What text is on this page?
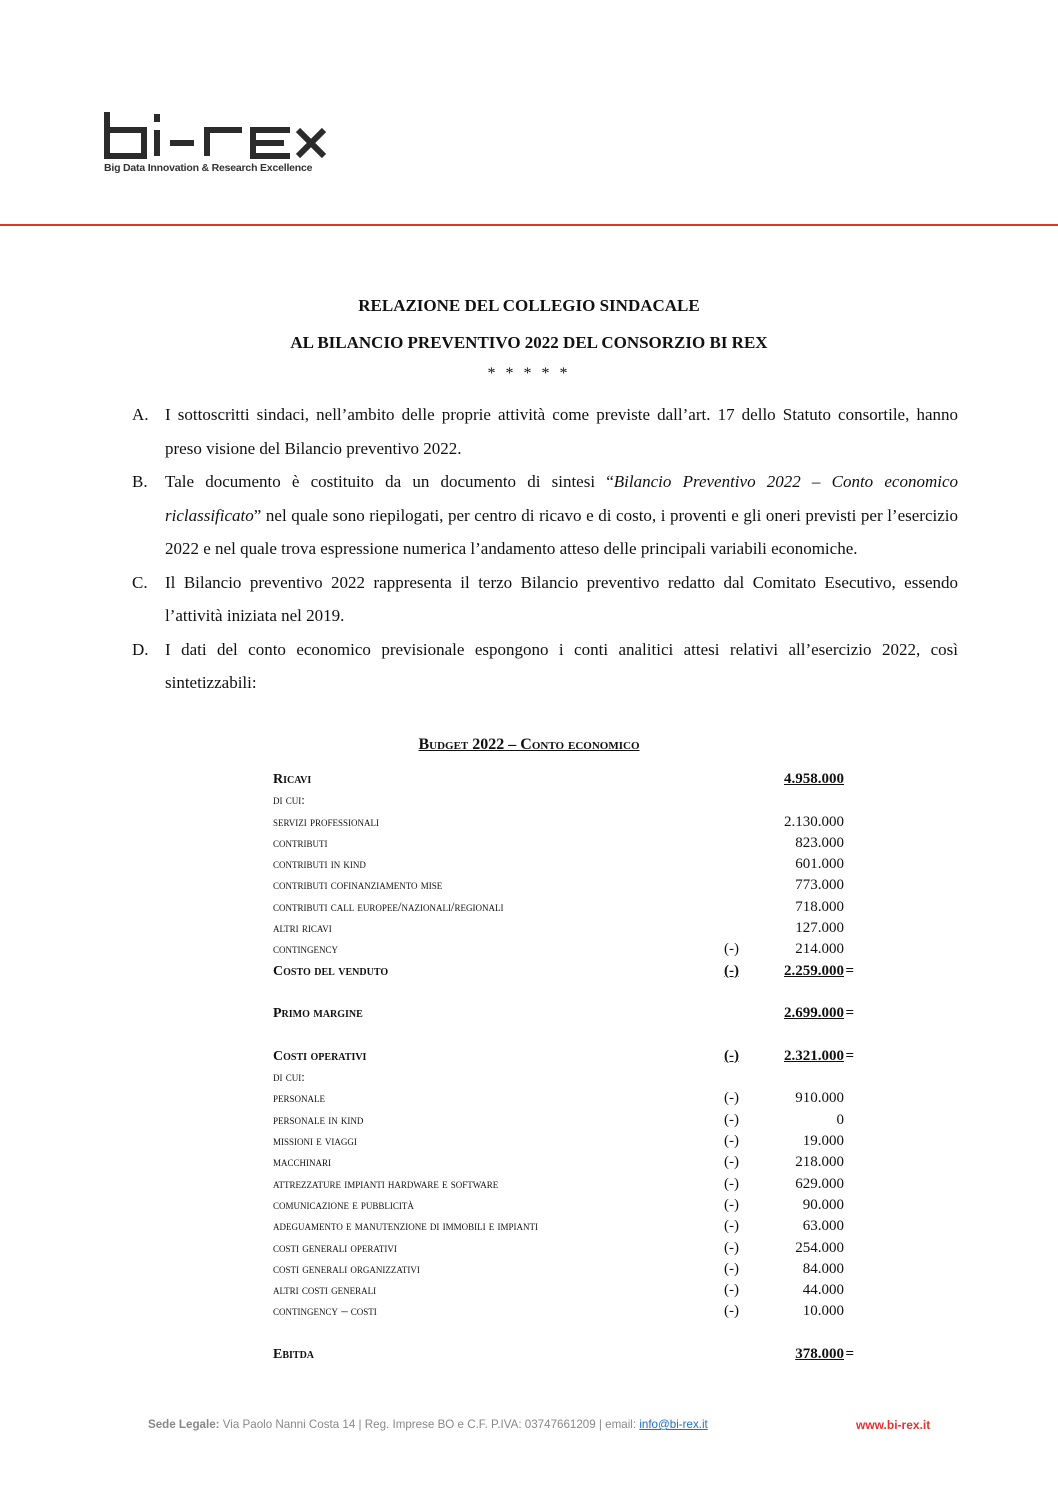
Big Data Innovation & Research Excellence
RELAZIONE DEL COLLEGIO SINDACALE
AL BILANCIO PREVENTIVO 2022 DEL CONSORZIO BI REX
* * * * *
A. I sottoscritti sindaci, nell’ambito delle proprie attività come previste dall’art. 17 dello Statuto consortile, hanno preso visione del Bilancio preventivo 2022.
B.	Tale documento è costituito da un documento di sintesi “Bilancio Preventivo 2022 – Conto economico riclassificato” nel quale sono riepilogati, per centro di ricavo e di costo, i proventi e gli oneri previsti per l’esercizio 2022 e nel quale trova espressione numerica l’andamento atteso delle principali variabili economiche.
C.	Il Bilancio preventivo 2022 rappresenta il terzo Bilancio preventivo redatto dal Comitato Esecutivo, essendo l’attività iniziata nel 2019.
D. I dati del conto economico previsionale espongono i conti analitici attesi relativi all’esercizio 2022, così sintetizzabili:
Budget 2022 – Conto economico
Ricavi	4.958.000
di cui:
servizi professionali	2.130.000
contributi	823.000
contributi in kind	601.000
contributi cofinanziamento mise	773.000
contributi call europee/nazionali/regionali	718.000
altri ricavi	127.000
contingency	(-)	214.000
Costo del venduto	(-)	2.259.000 =
Primo margine	2.699.000 =
Costi operativi	(-)	2.321.000 =
di cui:
personale	(-)	910.000
personale in kind	(-)	0
missioni e viaggi	(-)	19.000
macchinari	(-)	218.000
attrezzature impianti hardware e software	(-)	629.000
comunicazione e pubblicità	(-)	90.000
adeguamento e manutenzione di immobili e impianti	(-)	63.000
costi generali operativi	(-)	254.000
costi generali organizzativi	(-)	84.000
altri costi generali	(-)	44.000
contingency – costi	(-)	10.000
Ebitda	378.000 =
Sede Legale: Via Paolo Nanni Costa 14 | Reg. Imprese BO e C.F. P.IVA: 03747661209 | email: info@bi-rex.it	www.bi-rex.it
